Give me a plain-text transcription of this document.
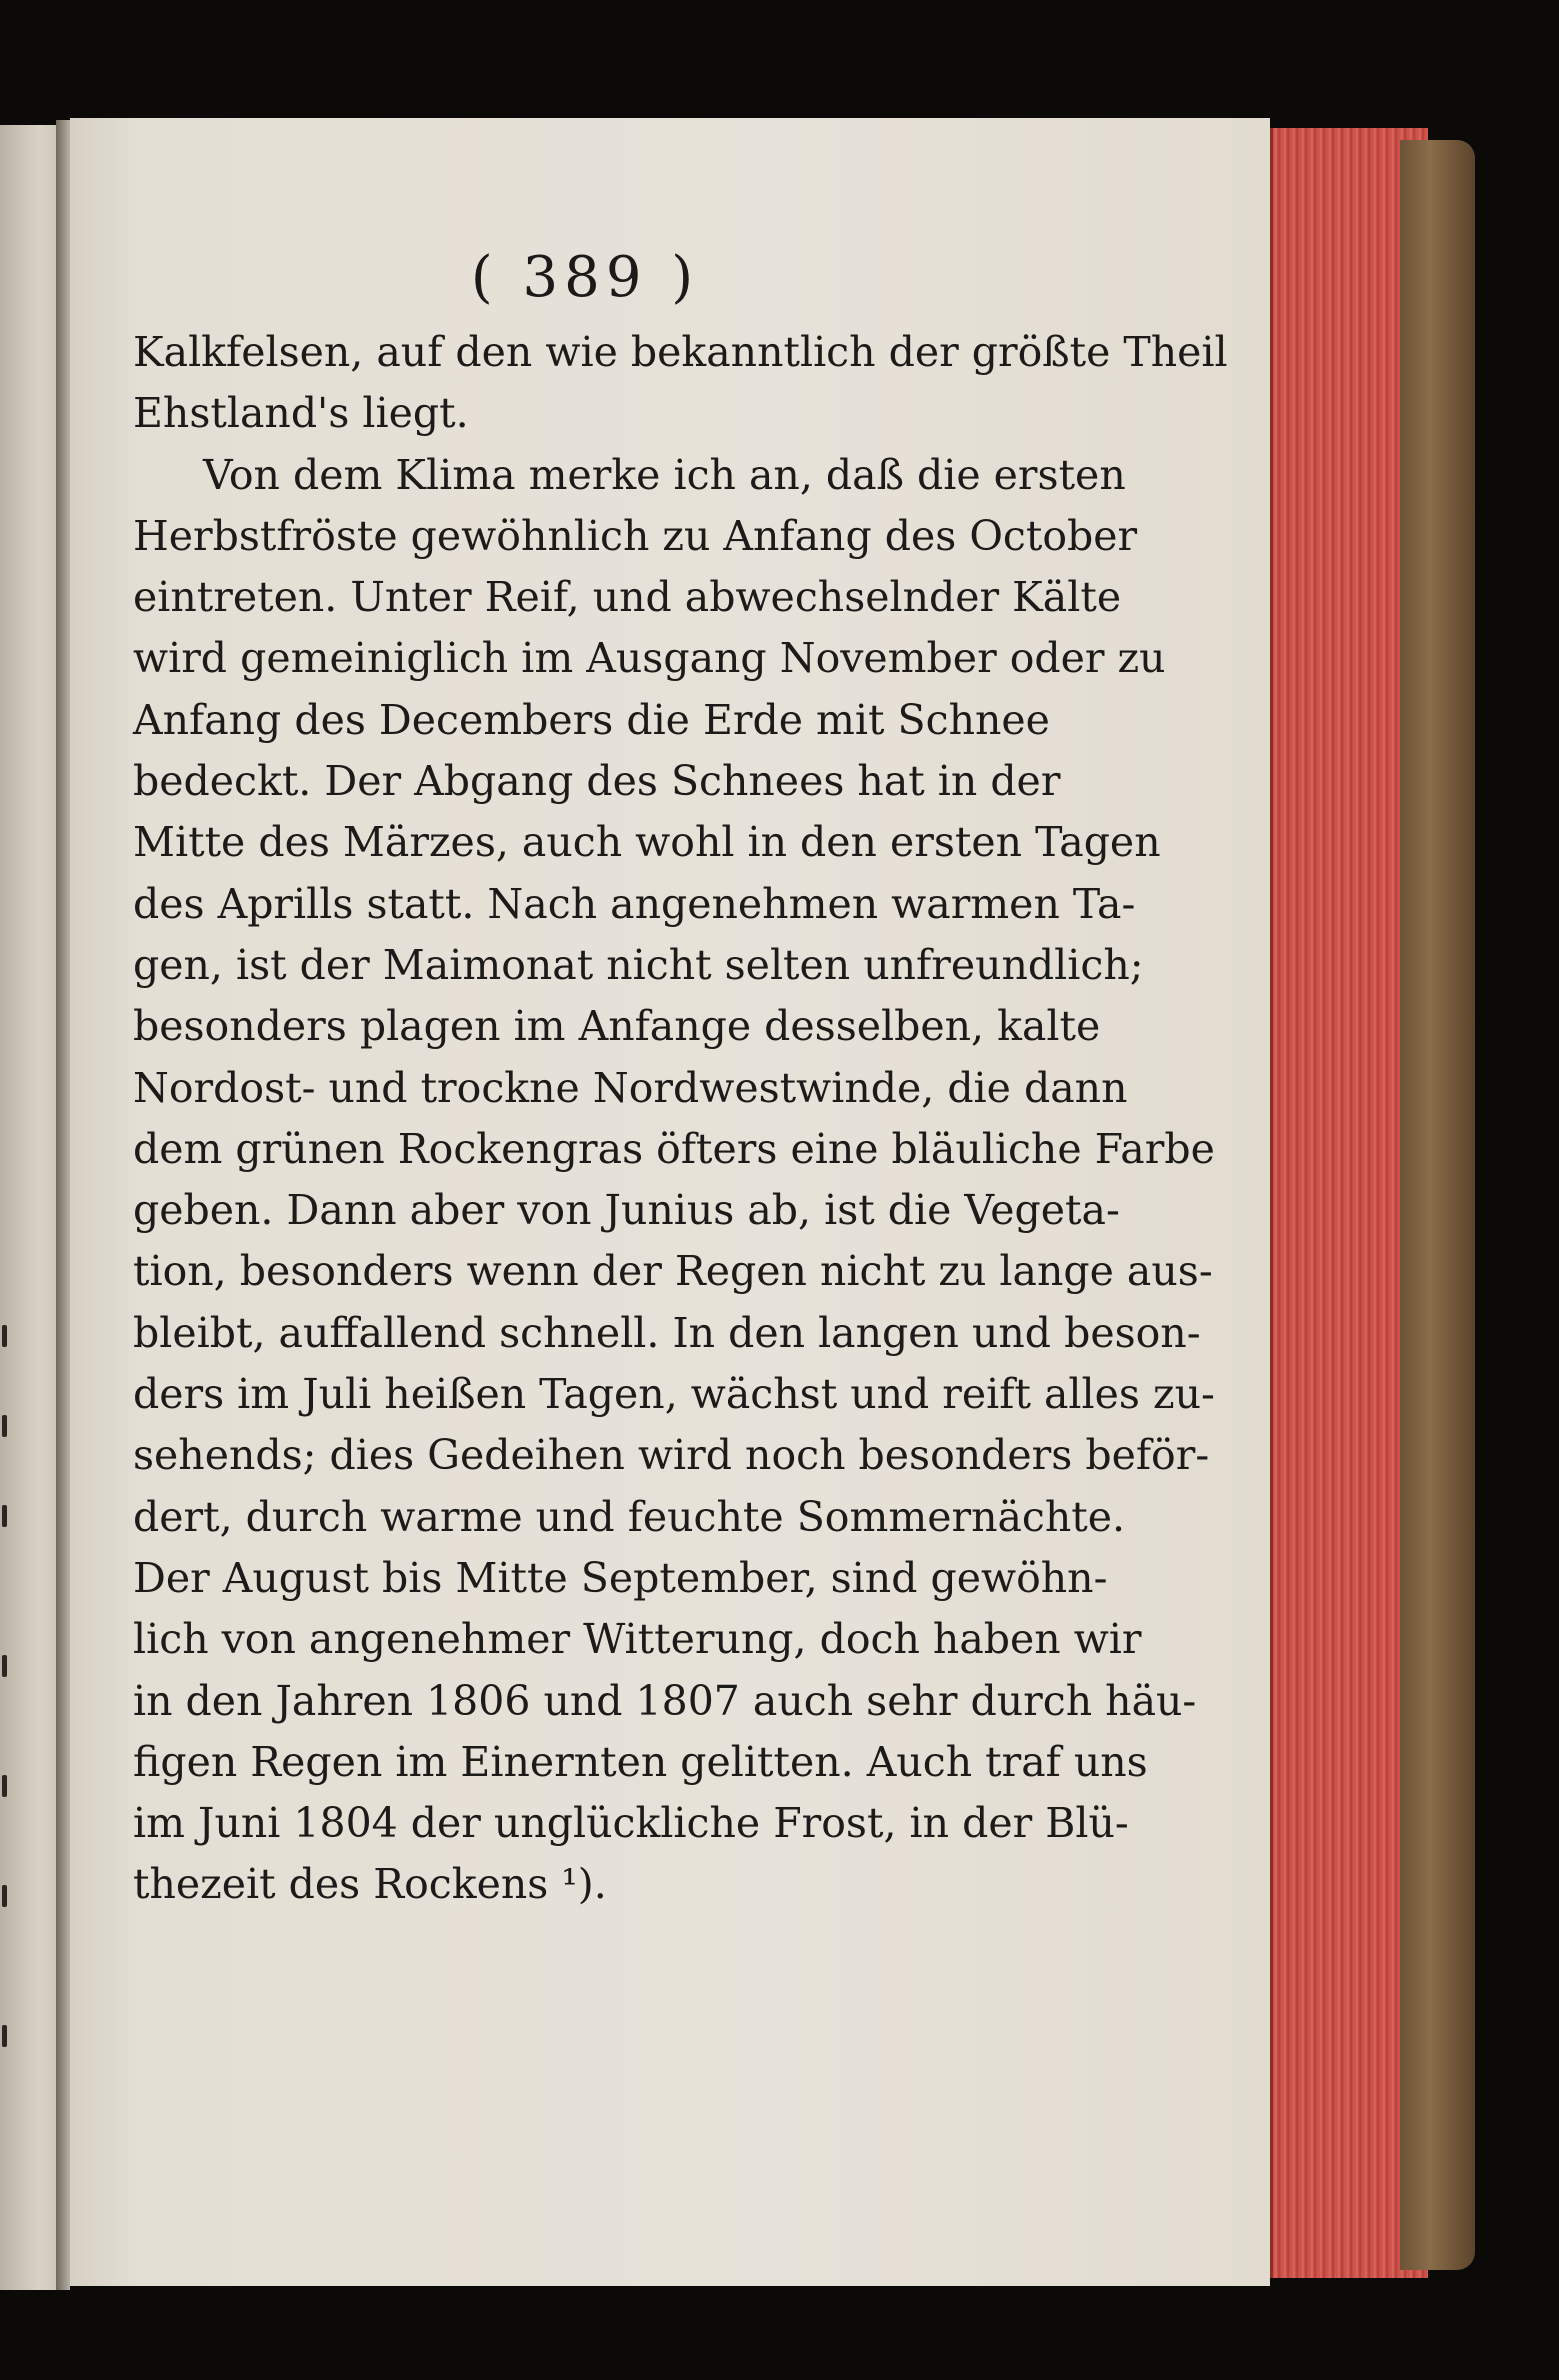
( 389 )
Kalkfelsen, auf den wie bekanntlich der größte Theil
Ehstland's liegt.
Von dem Klima merke ich an, daß die ersten
Herbstfröste gewöhnlich zu Anfang des October
eintreten. Unter Reif, und abwechselnder Kälte
wird gemeiniglich im Ausgang November oder zu
Anfang des Decembers die Erde mit Schnee
bedeckt. Der Abgang des Schnees hat in der
Mitte des Märzes, auch wohl in den ersten Tagen
des Aprills statt. Nach angenehmen warmen Ta-
gen, ist der Maimonat nicht selten unfreundlich;
besonders plagen im Anfange desselben, kalte
Nordost- und trockne Nordwestwinde, die dann
dem grünen Rockengras öfters eine bläuliche Farbe
geben. Dann aber von Junius ab, ist die Vegeta-
tion, besonders wenn der Regen nicht zu lange aus-
bleibt, auffallend schnell. In den langen und beson-
ders im Juli heißen Tagen, wächst und reift alles zu-
sehends; dies Gedeihen wird noch besonders beför-
dert, durch warme und feuchte Sommernächte.
Der August bis Mitte September, sind gewöhn-
lich von angenehmer Witterung, doch haben wir
in den Jahren 1806 und 1807 auch sehr durch häu-
figen Regen im Einernten gelitten. Auch traf uns
im Juni 1804 der unglückliche Frost, in der Blü-
thezeit des Rockens ¹).
